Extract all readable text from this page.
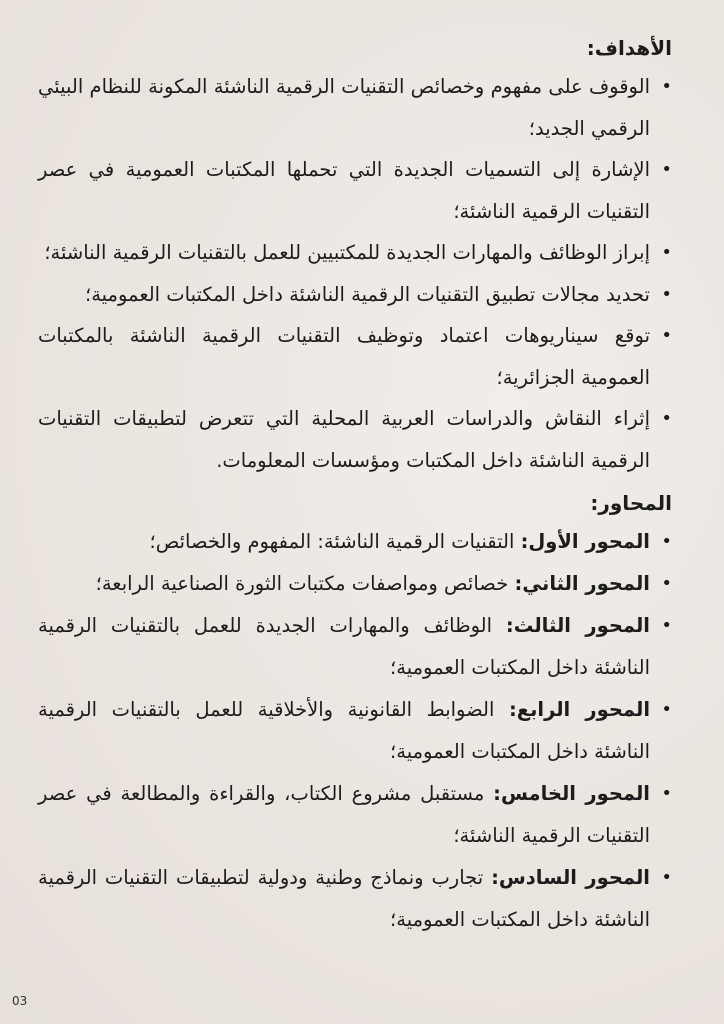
الأهداف:
• الوقوف على مفهوم وخصائص التقنيات الرقمية الناشئة المكونة للنظام البيئي الرقمي الجديد؛
• الإشارة إلى التسميات الجديدة التي تحملها المكتبات العمومية في عصر التقنيات الرقمية الناشئة؛
• إبراز الوظائف والمهارات الجديدة للمكتبيين للعمل بالتقنيات الرقمية الناشئة؛
• تحديد مجالات تطبيق التقنيات الرقمية الناشئة داخل المكتبات العمومية؛
• توقع سيناريوهات اعتماد وتوظيف التقنيات الرقمية الناشئة بالمكتبات العمومية الجزائرية؛
• إثراء النقاش والدراسات العربية المحلية التي تتعرض لتطبيقات التقنيات الرقمية الناشئة داخل المكتبات ومؤسسات المعلومات.
المحاور:
• المحور الأول: التقنيات الرقمية الناشئة: المفهوم والخصائص؛
• المحور الثاني: خصائص ومواصفات مكتبات الثورة الصناعية الرابعة؛
• المحور الثالث: الوظائف والمهارات الجديدة للعمل بالتقنيات الرقمية الناشئة داخل المكتبات العمومية؛
• المحور الرابع: الضوابط القانونية والأخلاقية للعمل بالتقنيات الرقمية الناشئة داخل المكتبات العمومية؛
• المحور الخامس: مستقبل مشروع الكتاب، والقراءة والمطالعة في عصر التقنيات الرقمية الناشئة؛
• المحور السادس: تجارب ونماذج وطنية ودولية لتطبيقات التقنيات الرقمية الناشئة داخل المكتبات العمومية؛
03
